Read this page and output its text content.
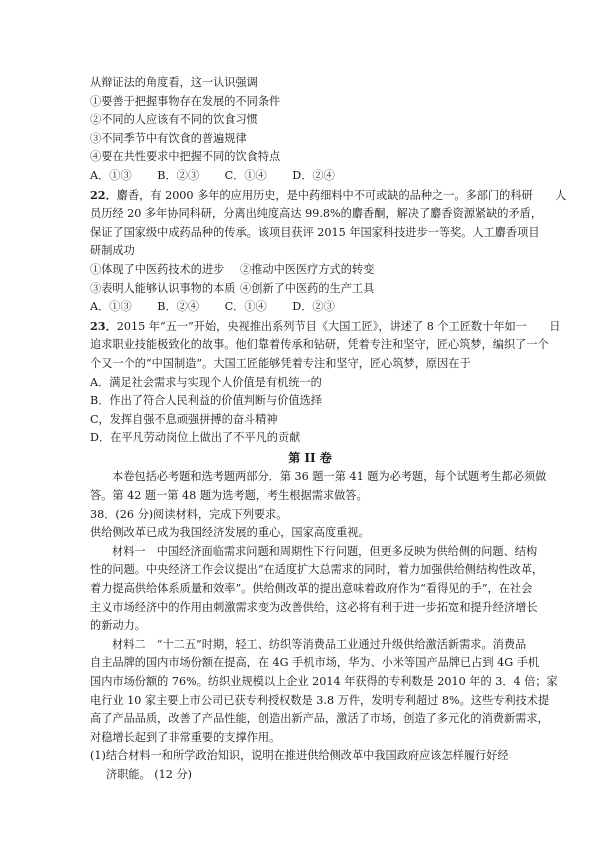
从辩证法的角度看，这一认识强调
①要善于把握事物存在发展的不同条件
②不同的人应该有不同的饮食习惯
③不同季节中有饮食的普遍规律
④要在共性要求中把握不同的饮食特点
A．①③ B．②③ C．①④ D．②④
22．麝香，有 2000 多年的应用历史，是中药细料中不可或缺的品种之一。多部门的科研　　人
员历经 20 多年协同科研，分离出纯度高达 99.8%的麝香酮，解决了麝香资源紧缺的矛盾，
保证了国家级中成药品种的传承。该项目获评 2015 年国家科技进步一等奖。人工麝香项目
研制成功
①体现了中医药技术的进步 ②推动中医医疗方式的转变
③表明人能够认识事物的本质 ④创新了中医药的生产工具
A．①③ B．②④ C．①④ D．②③
23．2015 年“五一”开始，央视推出系列节目《大国工匠》，讲述了 8 个工匠数十年如一　　日
追求职业技能极致化的故事。他们靠着传承和钻研，凭着专注和坚守，匠心筑梦，编织了一个
个又一个的“中国制造”。大国工匠能够凭着专注和坚守，匠心筑梦，原因在于
A．满足社会需求与实现个人价值是有机统一的
B．作出了符合人民利益的价值判断与价值选择
C，发挥自强不息顽强拼搏的奋斗精神
D．在平凡劳动岗位上做出了不平凡的贡献
第 II 卷
本卷包括必考题和选考题两部分．第 36 题一第 41 题为必考题，每个试题考生都必须做
答。第 42 题一第 48 题为选考题，考生根据需求做答。
38．(26 分)阅读材料，完成下列要求。
供给侧改革已成为我国经济发展的重心，国家高度重视。
材料一　中国经济面临需求问题和周期性下行问题，但更多反映为供给侧的问题、结构
性的问题。中央经济工作会议提出“在适度扩大总需求的同时，着力加强供给侧结构性改革，
着力提高供给体系质量和效率”。供给侧改革的提出意味着政府作为“看得见的手”，在社会
主义市场经济中的作用由刺激需求变为改善供给，这必将有利于进一步拓宽和提升经济增长
的新动力。
材料二　“十二五”时期，轻工、纺织等消费品工业通过升级供给激活新需求。消费品
自主品牌的国内市场份额在提高，在 4G 手机市场，华为、小米等国产品牌已占到 4G 手机
国内市场份额的 76%。纺织业规模以上企业 2014 年获得的专利数是 2010 年的 3．4 倍；家
电行业 10 家主要上市公司已获专利授权数是 3.8 万件，发明专利超过 8%。这些专利技术提
高了产品品质，改善了产品性能，创造出新产品，激活了市场，创造了多元化的消费新需求，
对稳增长起到了非常重要的支撑作用。
(1)结合材料一和所学政治知识，说明在推进供给侧改革中我国政府应该怎样履行好经
济职能。 (12 分)
